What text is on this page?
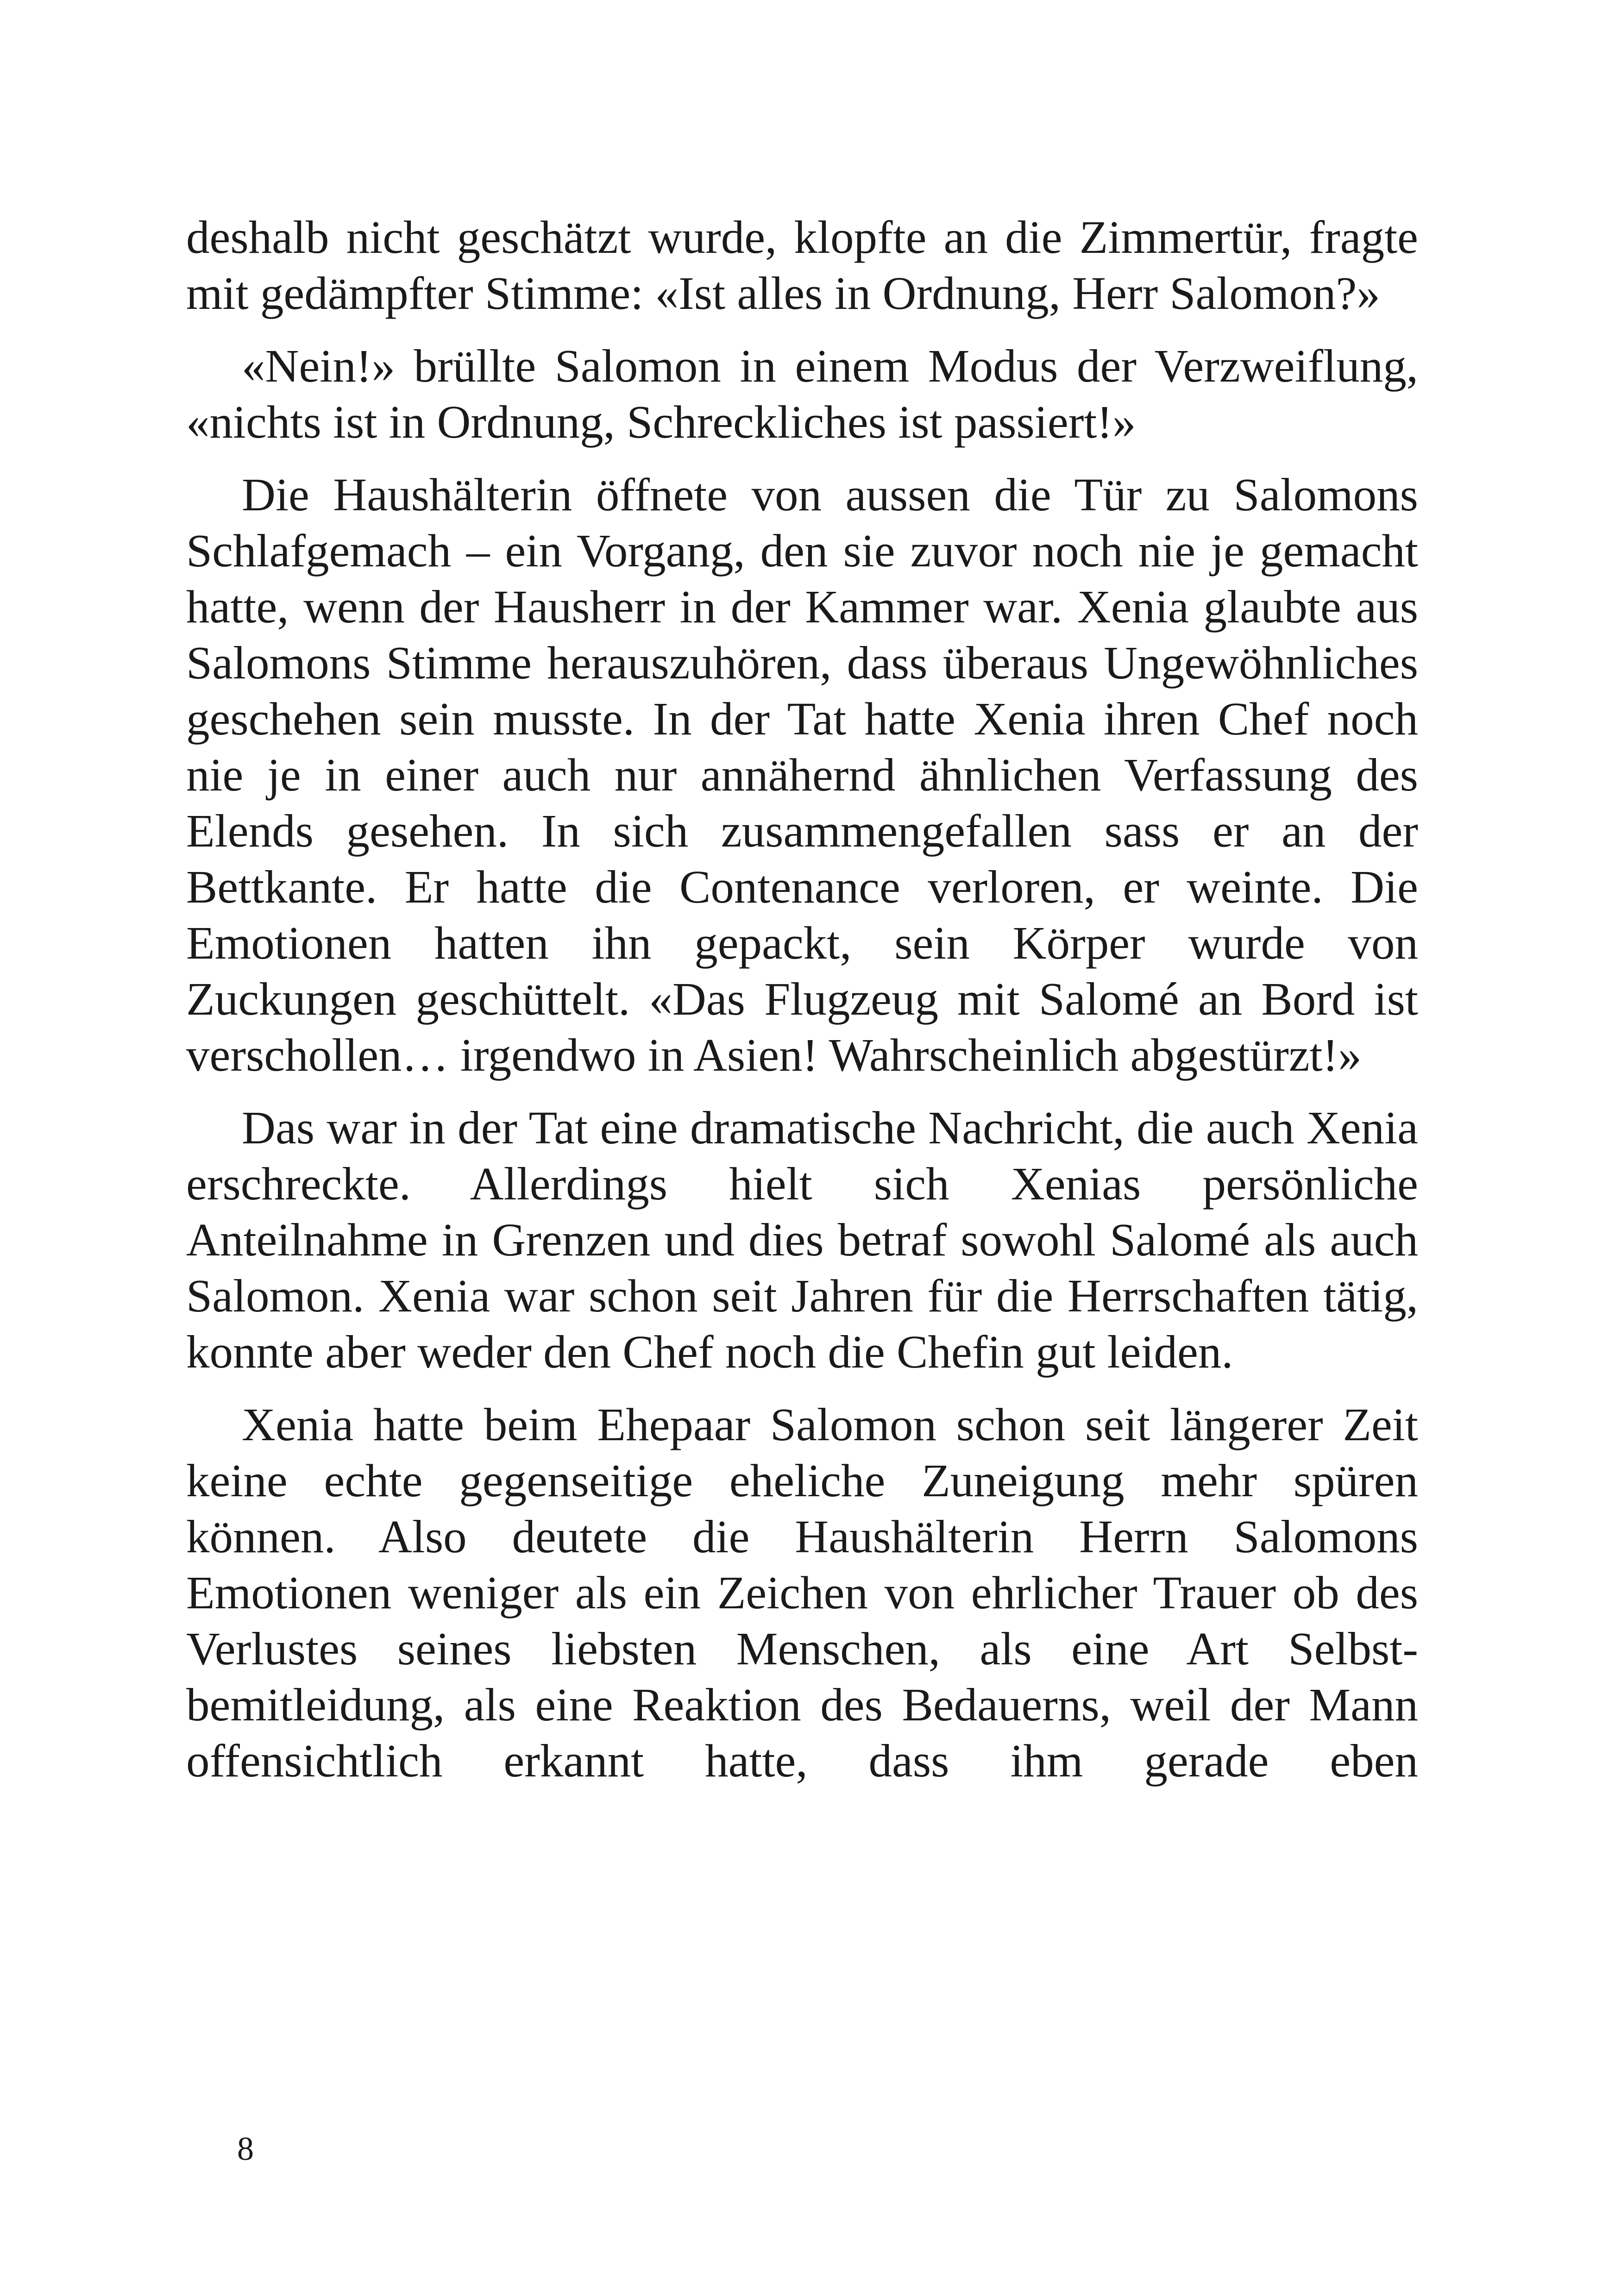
deshalb nicht geschätzt wurde, klopfte an die Zimmertür, fragte mit gedämpfter Stimme: «Ist alles in Ordnung, Herr Salomon?»

«Nein!» brüllte Salomon in einem Modus der Verzweiflung, «nichts ist in Ordnung, Schreckliches ist passiert!»

Die Haushälterin öffnete von aussen die Tür zu Salomons Schlafgemach – ein Vorgang, den sie zuvor noch nie je gemacht hatte, wenn der Hausherr in der Kammer war. Xenia glaubte aus Salomons Stimme herauszuhören, dass überaus Ungewöhnliches geschehen sein musste. In der Tat hatte Xenia ihren Chef noch nie je in einer auch nur annähernd ähnlichen Verfassung des Elends gesehen. In sich zusammengefallen sass er an der Bettkante. Er hatte die Contenance verloren, er weinte. Die Emotionen hatten ihn gepackt, sein Körper wurde von Zuckungen geschüttelt. «Das Flugzeug mit Salomé an Bord ist verschollen… irgendwo in Asien! Wahrscheinlich abgestürzt!»

Das war in der Tat eine dramatische Nachricht, die auch Xenia erschreckte. Allerdings hielt sich Xenias persönliche Anteilnahme in Grenzen und dies betraf sowohl Salomé als auch Salomon. Xenia war schon seit Jahren für die Herrschaften tätig, konnte aber weder den Chef noch die Chefin gut leiden.

Xenia hatte beim Ehepaar Salomon schon seit längerer Zeit keine echte gegenseitige eheliche Zuneigung mehr spüren können. Also deutete die Haushälterin Herrn Salomons Emotionen weniger als ein Zeichen von ehrlicher Trauer ob des Verlustes seines liebsten Menschen, als eine Art Selbstbemitleidung, als eine Reaktion des Bedauerns, weil der Mann offensichtlich erkannt hatte, dass ihm gerade eben

8
